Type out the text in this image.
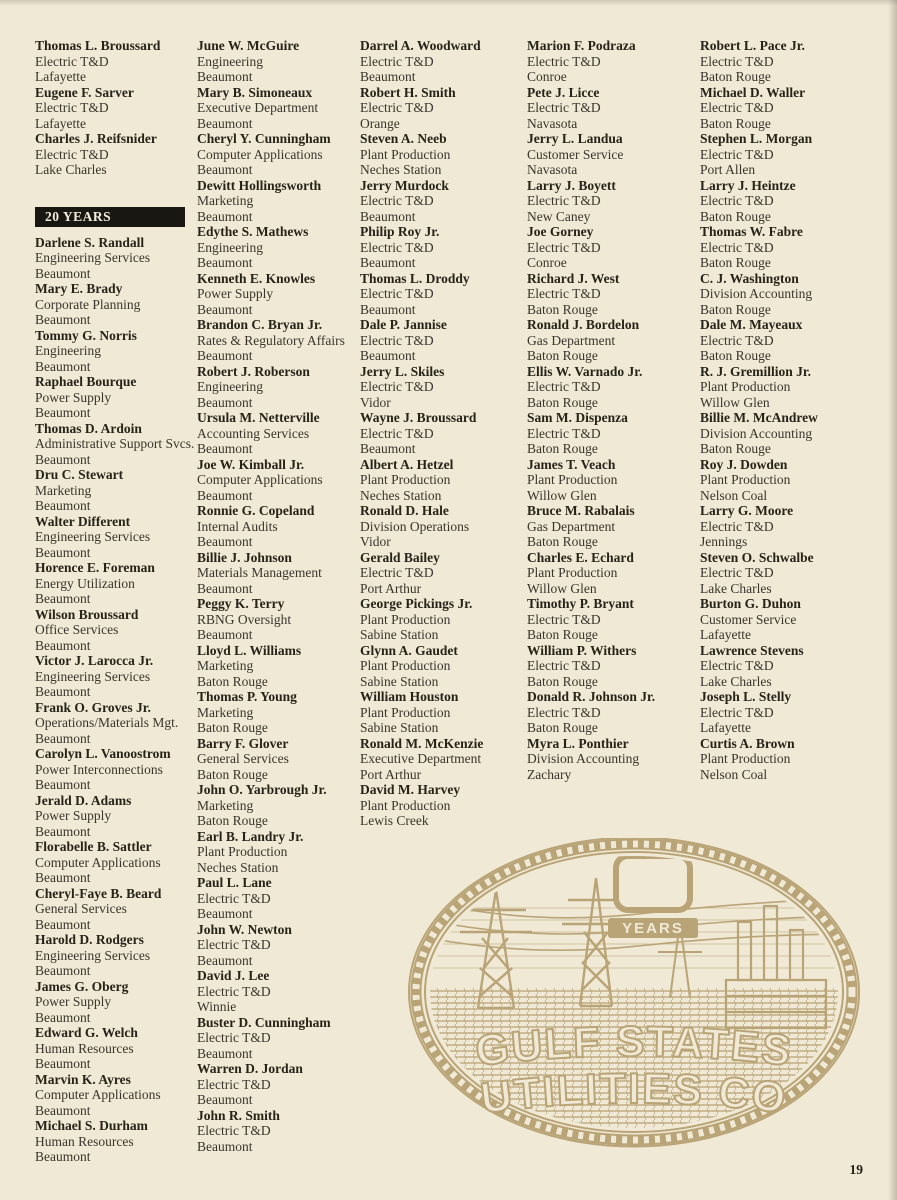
Thomas L. Broussard
Electric T&D
Lafayette
Eugene F. Sarver
Electric T&D
Lafayette
Charles J. Reifsnider
Electric T&D
Lake Charles
20 YEARS
Darlene S. Randall
Engineering Services
Beaumont
Mary E. Brady
Corporate Planning
Beaumont
Tommy G. Norris
Engineering
Beaumont
Raphael Bourque
Power Supply
Beaumont
Thomas D. Ardoin
Administrative Support Svcs.
Beaumont
Dru C. Stewart
Marketing
Beaumont
Walter Different
Engineering Services
Beaumont
Horence E. Foreman
Energy Utilization
Beaumont
Wilson Broussard
Office Services
Beaumont
Victor J. Larocca Jr.
Engineering Services
Beaumont
Frank O. Groves Jr.
Operations/Materials Mgt.
Beaumont
Carolyn L. Vanoostrom
Power Interconnections
Beaumont
Jerald D. Adams
Power Supply
Beaumont
Florabelle B. Sattler
Computer Applications
Beaumont
Cheryl-Faye B. Beard
General Services
Beaumont
Harold D. Rodgers
Engineering Services
Beaumont
James G. Oberg
Power Supply
Beaumont
Edward G. Welch
Human Resources
Beaumont
Marvin K. Ayres
Computer Applications
Beaumont
Michael S. Durham
Human Resources
Beaumont
June W. McGuire
Engineering
Beaumont
Mary B. Simoneaux
Executive Department
Beaumont
Cheryl Y. Cunningham
Computer Applications
Beaumont
Dewitt Hollingsworth
Marketing
Beaumont
Edythe S. Mathews
Engineering
Beaumont
Kenneth E. Knowles
Power Supply
Beaumont
Brandon C. Bryan Jr.
Rates & Regulatory Affairs
Beaumont
Robert J. Roberson
Engineering
Beaumont
Ursula M. Netterville
Accounting Services
Beaumont
Joe W. Kimball Jr.
Computer Applications
Beaumont
Ronnie G. Copeland
Internal Audits
Beaumont
Billie J. Johnson
Materials Management
Beaumont
Peggy K. Terry
RBNG Oversight
Beaumont
Lloyd L. Williams
Marketing
Baton Rouge
Thomas P. Young
Marketing
Baton Rouge
Barry F. Glover
General Services
Baton Rouge
John O. Yarbrough Jr.
Marketing
Baton Rouge
Earl B. Landry Jr.
Plant Production
Neches Station
Paul L. Lane
Electric T&D
Beaumont
John W. Newton
Electric T&D
Beaumont
David J. Lee
Electric T&D
Winnie
Buster D. Cunningham
Electric T&D
Beaumont
Warren D. Jordan
Electric T&D
Beaumont
John R. Smith
Electric T&D
Beaumont
Darrel A. Woodward
Electric T&D
Beaumont
Robert H. Smith
Electric T&D
Orange
Steven A. Neeb
Plant Production
Neches Station
Jerry Murdock
Electric T&D
Beaumont
Philip Roy Jr.
Electric T&D
Beaumont
Thomas L. Droddy
Electric T&D
Beaumont
Dale P. Jannise
Electric T&D
Beaumont
Jerry L. Skiles
Electric T&D
Vidor
Wayne J. Broussard
Electric T&D
Beaumont
Albert A. Hetzel
Plant Production
Neches Station
Ronald D. Hale
Division Operations
Vidor
Gerald Bailey
Electric T&D
Port Arthur
George Pickings Jr.
Plant Production
Sabine Station
Glynn A. Gaudet
Plant Production
Sabine Station
William Houston
Plant Production
Sabine Station
Ronald M. McKenzie
Executive Department
Port Arthur
David M. Harvey
Plant Production
Lewis Creek
Marion F. Podraza
Electric T&D
Conroe
Pete J. Licce
Electric T&D
Navasota
Jerry L. Landua
Customer Service
Navasota
Larry J. Boyett
Electric T&D
New Caney
Joe Gorney
Electric T&D
Conroe
Richard J. West
Electric T&D
Baton Rouge
Ronald J. Bordelon
Gas Department
Baton Rouge
Ellis W. Varnado Jr.
Electric T&D
Baton Rouge
Sam M. Dispenza
Electric T&D
Baton Rouge
James T. Veach
Plant Production
Willow Glen
Bruce M. Rabalais
Gas Department
Baton Rouge
Charles E. Echard
Plant Production
Willow Glen
Timothy P. Bryant
Electric T&D
Baton Rouge
William P. Withers
Electric T&D
Baton Rouge
Donald R. Johnson Jr.
Electric T&D
Baton Rouge
Myra L. Ponthier
Division Accounting
Zachary
Robert L. Pace Jr.
Electric T&D
Baton Rouge
Michael D. Waller
Electric T&D
Baton Rouge
Stephen L. Morgan
Electric T&D
Port Allen
Larry J. Heintze
Electric T&D
Baton Rouge
Thomas W. Fabre
Electric T&D
Baton Rouge
C. J. Washington
Division Accounting
Baton Rouge
Dale M. Mayeaux
Electric T&D
Baton Rouge
R. J. Gremillion Jr.
Plant Production
Willow Glen
Billie M. McAndrew
Division Accounting
Baton Rouge
Roy J. Dowden
Plant Production
Nelson Coal
Larry G. Moore
Electric T&D
Jennings
Steven O. Schwalbe
Electric T&D
Lake Charles
Burton G. Duhon
Customer Service
Lafayette
Lawrence Stevens
Electric T&D
Lake Charles
Joseph L. Stelly
Electric T&D
Lafayette
Curtis A. Brown
Plant Production
Nelson Coal
YEARS
GULF STATES
UTILITIES CO
19
